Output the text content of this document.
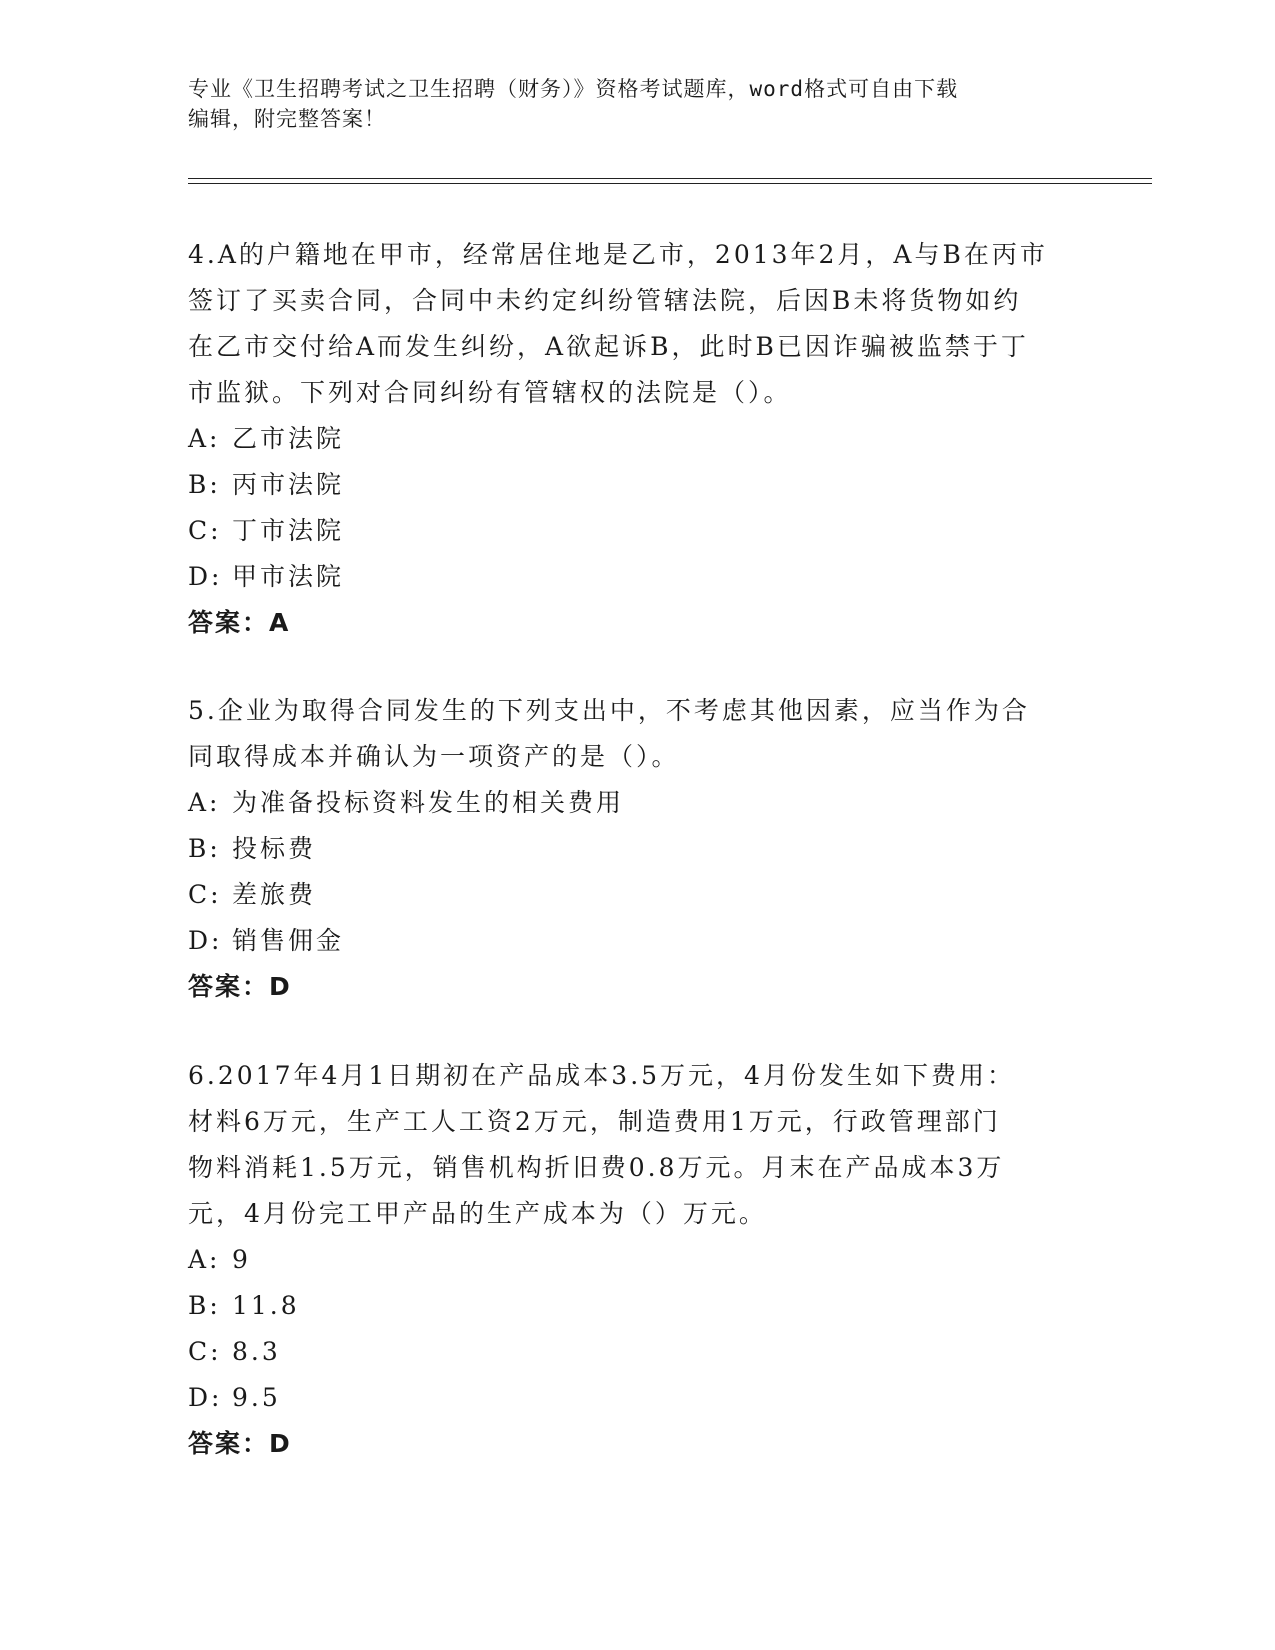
专业《卫生招聘考试之卫生招聘（财务）》资格考试题库，word格式可自由下载
编辑，附完整答案！
4.A的户籍地在甲市，经常居住地是乙市，2013年2月，A与B在丙市
签订了买卖合同，合同中未约定纠纷管辖法院，后因B未将货物如约
在乙市交付给A而发生纠纷，A欲起诉B，此时B已因诈骗被监禁于丁
市监狱。下列对合同纠纷有管辖权的法院是（）。
A: 乙市法院
B: 丙市法院
C: 丁市法院
D: 甲市法院
答案：A
5.企业为取得合同发生的下列支出中，不考虑其他因素，应当作为合
同取得成本并确认为一项资产的是（）。
A: 为准备投标资料发生的相关费用
B: 投标费
C: 差旅费
D: 销售佣金
答案：D
6.2017年4月1日期初在产品成本3.5万元，4月份发生如下费用：
材料6万元，生产工人工资2万元，制造费用1万元，行政管理部门
物料消耗1.5万元，销售机构折旧费0.8万元。月末在产品成本3万
元，4月份完工甲产品的生产成本为（）万元。
A: 9
B: 11.8
C: 8.3
D: 9.5
答案：D
